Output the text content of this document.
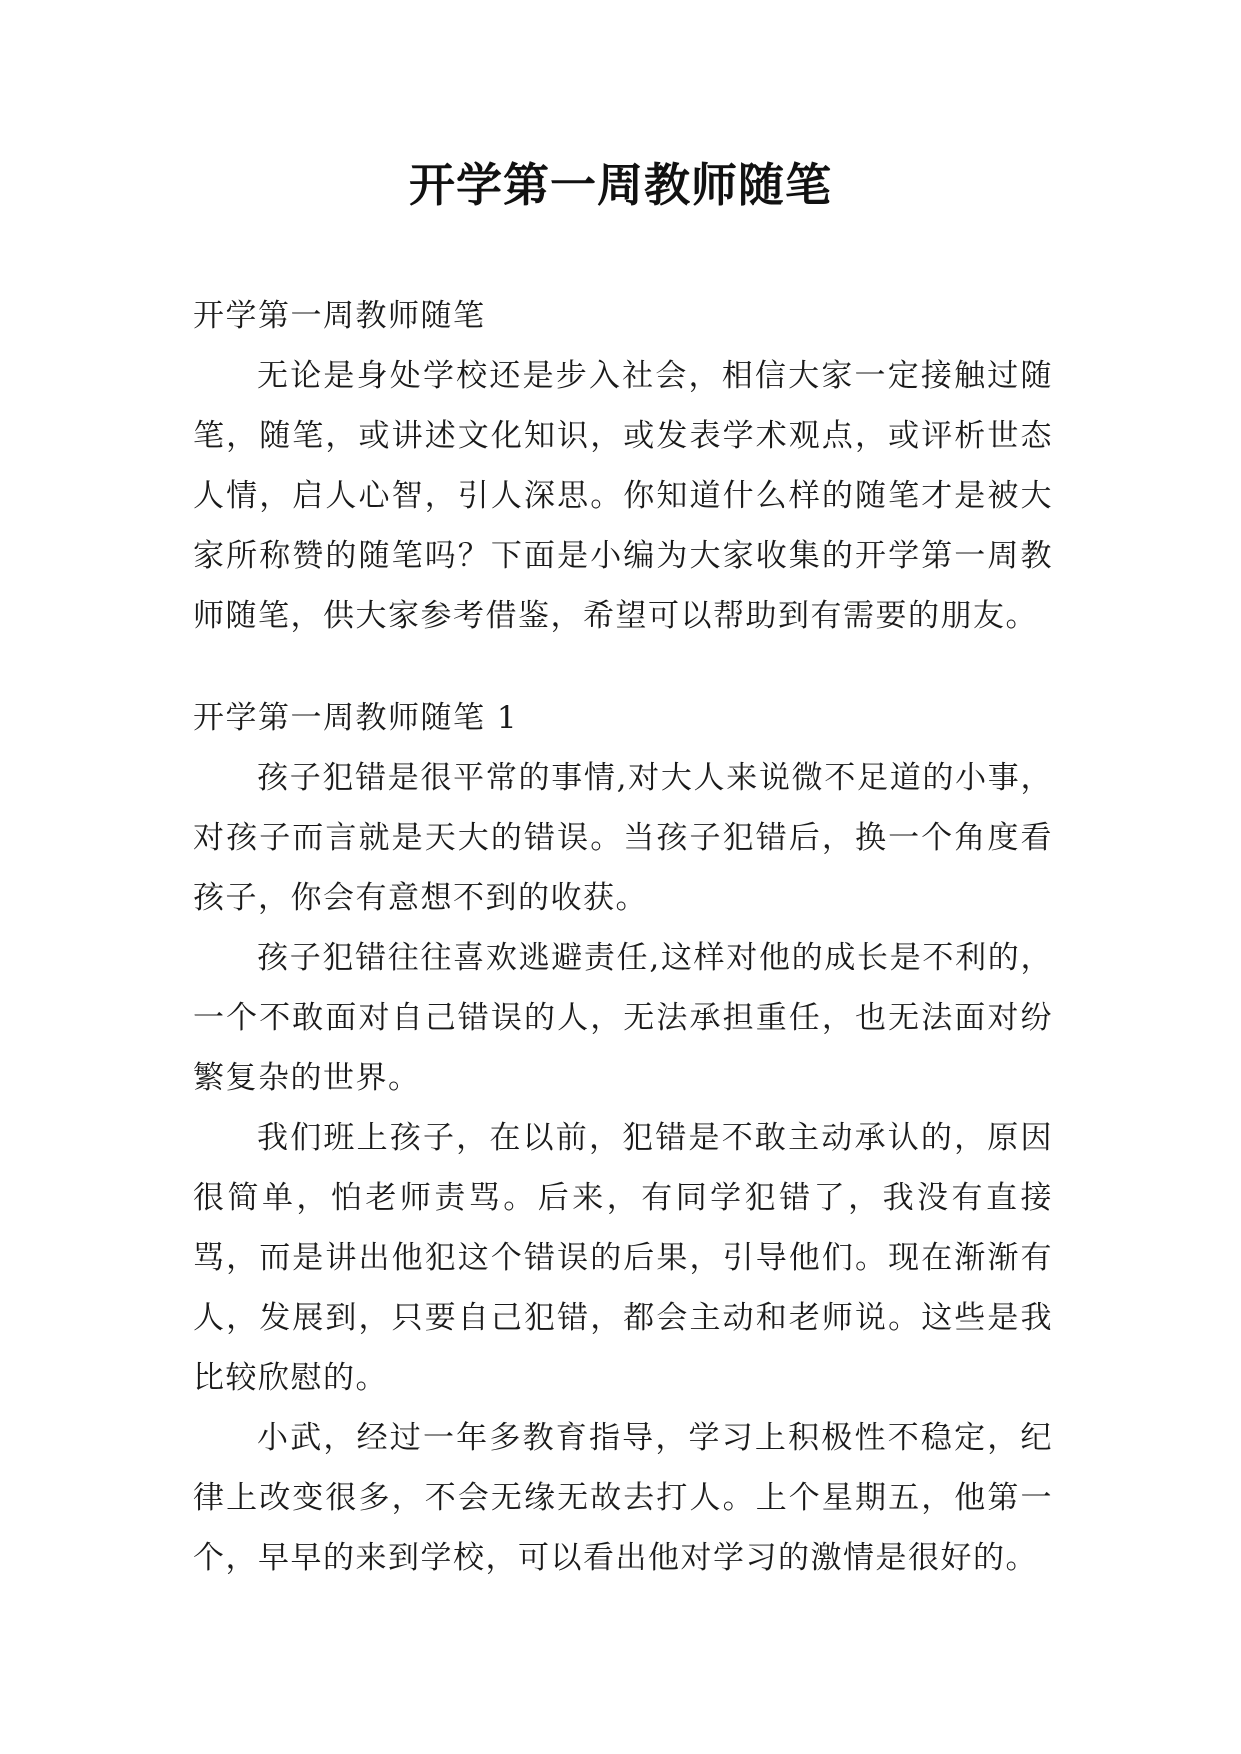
开学第一周教师随笔

开学第一周教师随笔

无论是身处学校还是步入社会，相信大家一定接触过随笔，随笔，或讲述文化知识，或发表学术观点，或评析世态人情，启人心智，引人深思。你知道什么样的随笔才是被大家所称赞的随笔吗？下面是小编为大家收集的开学第一周教师随笔，供大家参考借鉴，希望可以帮助到有需要的朋友。

开学第一周教师随笔 1

孩子犯错是很平常的事情,对大人来说微不足道的小事，对孩子而言就是天大的错误。当孩子犯错后，换一个角度看孩子，你会有意想不到的收获。

孩子犯错往往喜欢逃避责任,这样对他的成长是不利的，一个不敢面对自己错误的人，无法承担重任，也无法面对纷繁复杂的世界。

我们班上孩子，在以前，犯错是不敢主动承认的，原因很简单，怕老师责骂。后来，有同学犯错了，我没有直接骂，而是讲出他犯这个错误的后果，引导他们。现在渐渐有人，发展到，只要自己犯错，都会主动和老师说。这些是我比较欣慰的。

小武，经过一年多教育指导，学习上积极性不稳定，纪律上改变很多，不会无缘无故去打人。上个星期五，他第一个，早早的来到学校，可以看出他对学习的激情是很好的。
